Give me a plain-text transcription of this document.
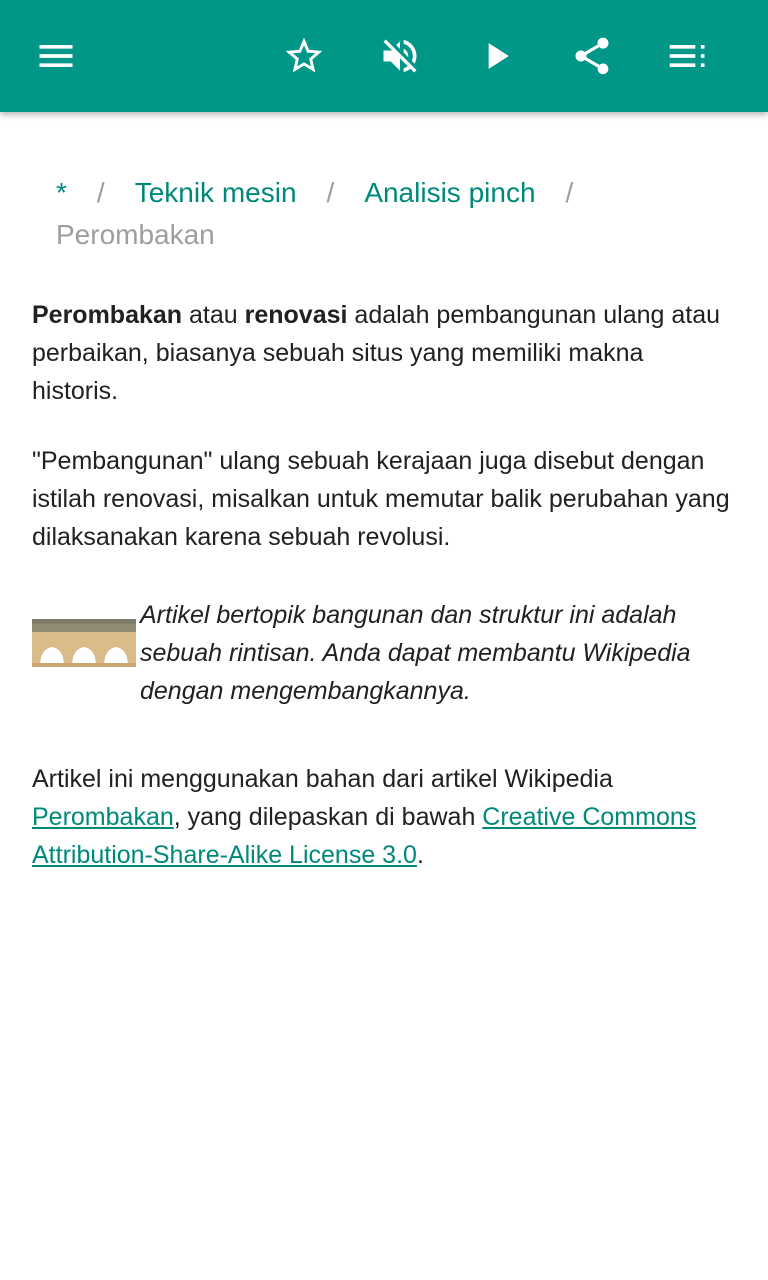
* / Teknik mesin / Analisis pinch /
Perombakan

Perombakan atau renovasi adalah pembangunan ulang atau perbaikan, biasanya sebuah situs yang memiliki makna historis.

"Pembangunan" ulang sebuah kerajaan juga disebut dengan istilah renovasi, misalkan untuk memutar balik perubahan yang dilaksanakan karena sebuah revolusi.

Artikel bertopik bangunan dan struktur ini adalah sebuah rintisan. Anda dapat membantu Wikipedia dengan mengembangkannya.

Artikel ini menggunakan bahan dari artikel Wikipedia Perombakan, yang dilepaskan di bawah Creative Commons Attribution-Share-Alike License 3.0.
